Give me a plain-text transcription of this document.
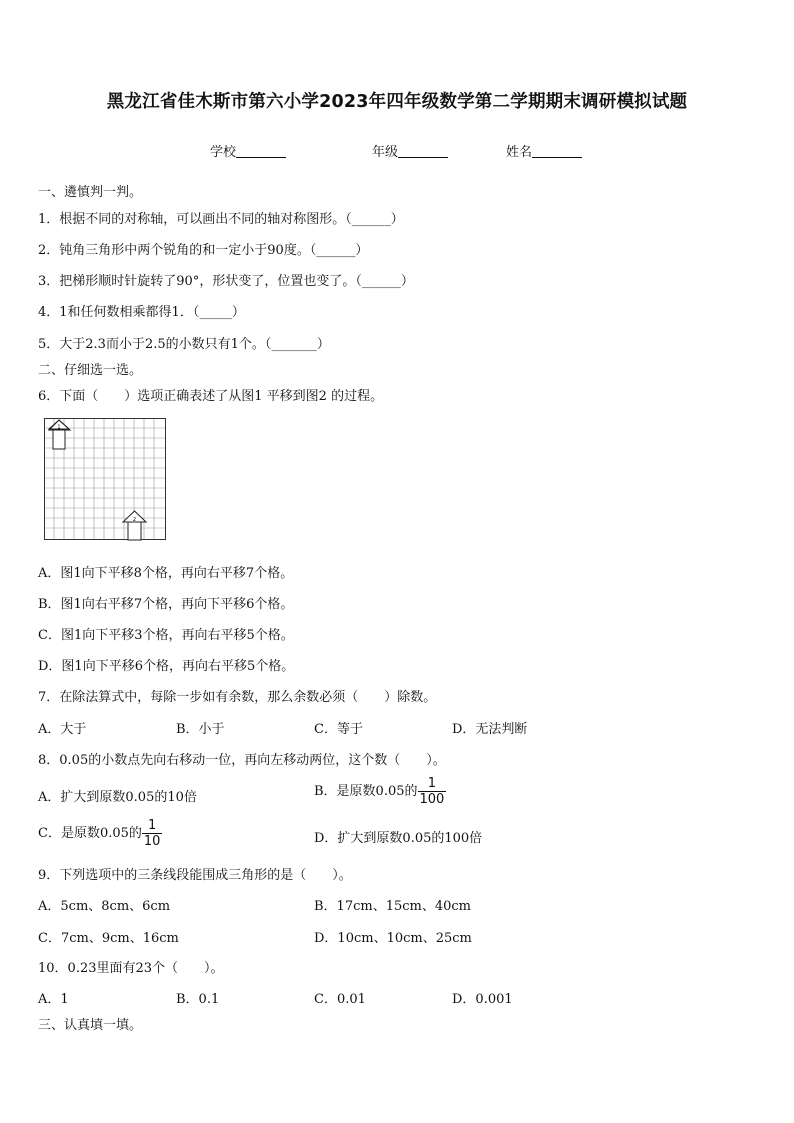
黑龙江省佳木斯市第六小学2023年四年级数学第二学期期末调研模拟试题
学校	年级	姓名
一、遴慎判一判。
1．根据不同的对称轴，可以画出不同的轴对称图形。（______）
2．钝角三角形中两个锐角的和一定小于90度。（______）
3．把梯形顺时针旋转了90°，形状变了，位置也变了。（______）
4．1和任何数相乘都得1．（_____）
5．大于2.3而小于2.5的小数只有1个。（_______）
二、仔细选一选。
6．下面（　　）选项正确表述了从图1 平移到图2 的过程。
1
2
A．图1向下平移8个格，再向右平移7个格。
B．图1向右平移7个格，再向下平移6个格。
C．图1向下平移3个格，再向右平移5个格。
D．图1向下平移6个格，再向右平移5个格。
7．在除法算式中，每除一步如有余数，那么余数必须（　　）除数。
A．大于	B．小于	C．等于	D．无法判断
8．0.05的小数点先向右移动一位，再向左移动两位，这个数（　　）。
A．扩大到原数0.05的10倍	B．是原数0.05的 $\frac{1}{100}$
C．是原数0.05的 $\frac{1}{10}$	D．扩大到原数0.05的100倍
9．下列选项中的三条线段能围成三角形的是（　　）。
A．5cm、8cm、6cm	B．17cm、15cm、40cm
C．7cm、9cm、16cm	D．10cm、10cm、25cm
10．0.23里面有23个（　　）。
A．1	B．0.1	C．0.01	D．0.001
三、认真填一填。
